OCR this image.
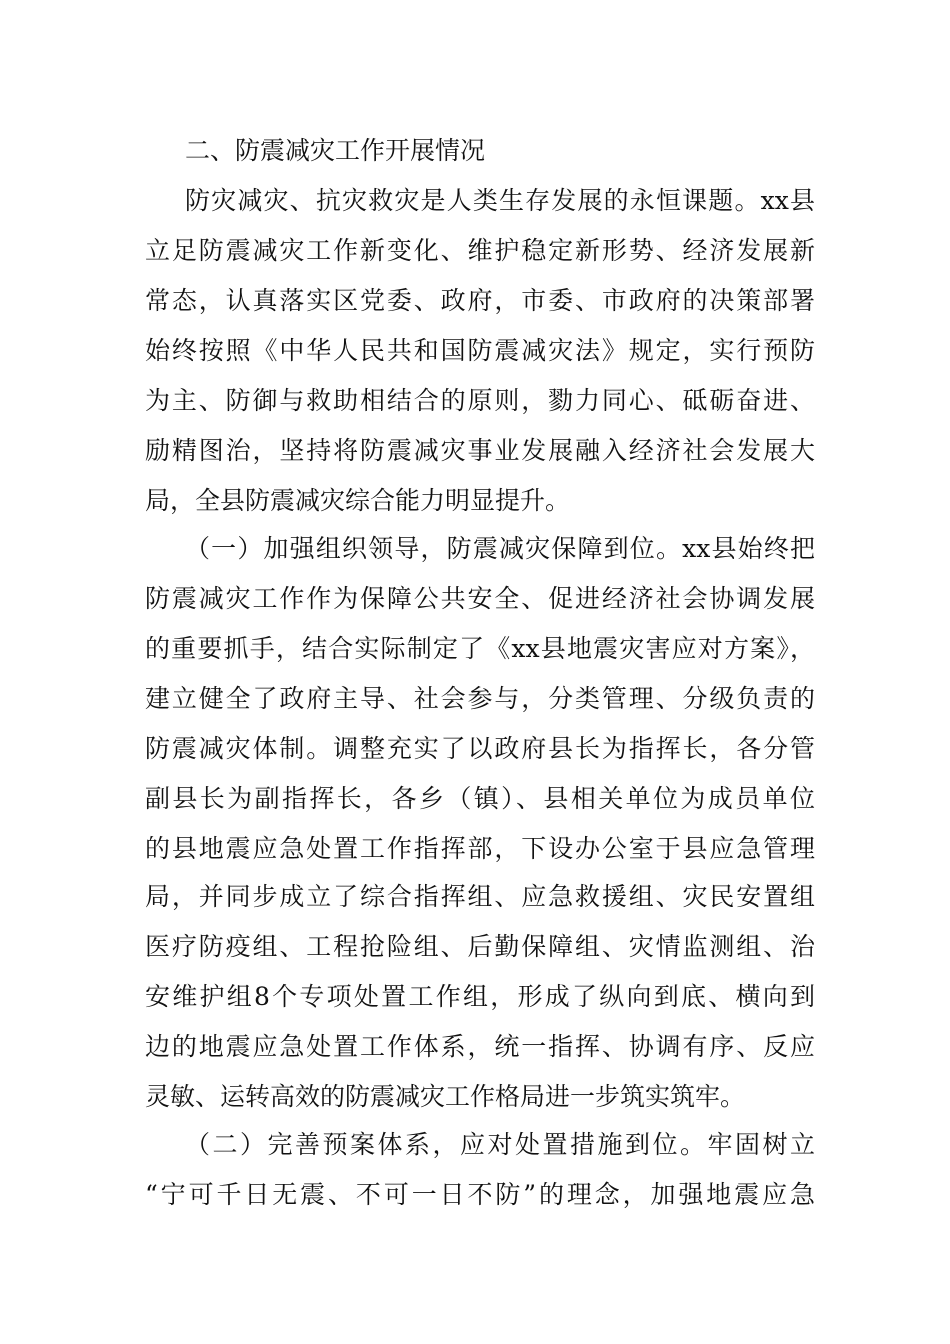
二、防震减灾工作开展情况
防灾减灾、抗灾救灾是人类生存发展的永恒课题。xx县
立足防震减灾工作新变化、维护稳定新形势、经济发展新
常态，认真落实区党委、政府，市委、市政府的决策部署
始终按照《中华人民共和国防震减灾法》规定，实行预防
为主、防御与救助相结合的原则，勠力同心、砥砺奋进、
励精图治，坚持将防震减灾事业发展融入经济社会发展大
局，全县防震减灾综合能力明显提升。
（一）加强组织领导，防震减灾保障到位。xx县始终把
防震减灾工作作为保障公共安全、促进经济社会协调发展
的重要抓手，结合实际制定了《xx县地震灾害应对方案》，
建立健全了政府主导、社会参与，分类管理、分级负责的
防震减灾体制。调整充实了以政府县长为指挥长，各分管
副县长为副指挥长，各乡（镇）、县相关单位为成员单位
的县地震应急处置工作指挥部，下设办公室于县应急管理
局，并同步成立了综合指挥组、应急救援组、灾民安置组
医疗防疫组、工程抢险组、后勤保障组、灾情监测组、治
安维护组8个专项处置工作组，形成了纵向到底、横向到
边的地震应急处置工作体系，统一指挥、协调有序、反应
灵敏、运转高效的防震减灾工作格局进一步筑实筑牢。
（二）完善预案体系，应对处置措施到位。牢固树立
“宁可千日无震、不可一日不防”的理念，加强地震应急
